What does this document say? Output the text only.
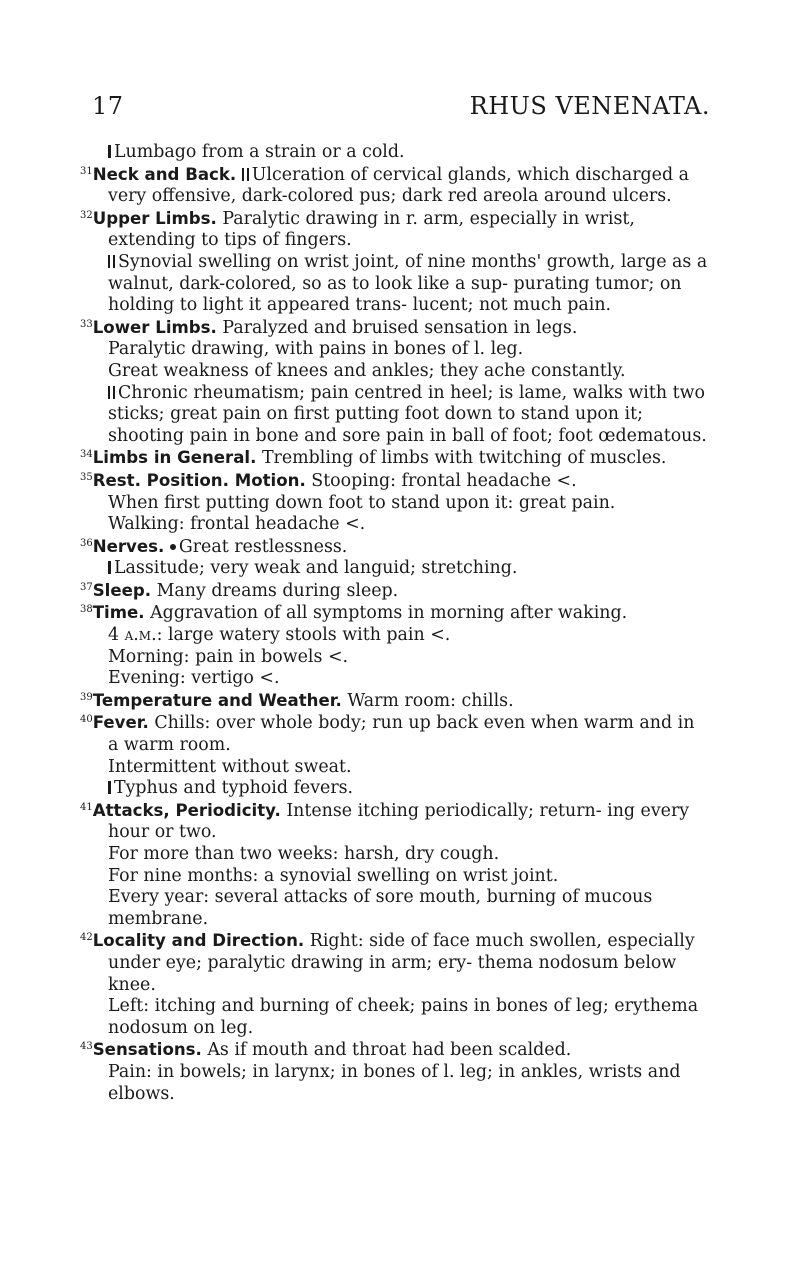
17	RHUS VENENATA.

Lumbago from a strain or a cold.

$^{31}$Neck and Back. Ulceration of cervical glands, which discharged a very offensive, dark-colored pus; dark red areola around ulcers.

$^{32}$Upper Limbs. Paralytic drawing in r. arm, especially in wrist, extending to tips of fingers.

Synovial swelling on wrist joint, of nine months' growth, large as a walnut, dark-colored, so as to look like a sup- purating tumor; on holding to light it appeared trans- lucent; not much pain.

$^{33}$Lower Limbs. Paralyzed and bruised sensation in legs.

Paralytic drawing, with pains in bones of l. leg.

Great weakness of knees and ankles; they ache constantly.

Chronic rheumatism; pain centred in heel; is lame, walks with two sticks; great pain on first putting foot down to stand upon it; shooting pain in bone and sore pain in ball of foot; foot œdematous.

$^{34}$Limbs in General. Trembling of limbs with twitching of muscles.

$^{35}$Rest. Position. Motion. Stooping: frontal headache <.

When first putting down foot to stand upon it: great pain.

Walking: frontal headache <.

$^{36}$Nerves. Great restlessness.

Lassitude; very weak and languid; stretching.

$^{37}$Sleep. Many dreams during sleep.

$^{38}$Time. Aggravation of all symptoms in morning after waking.

4 a.m.: large watery stools with pain <.

Morning: pain in bowels <.

Evening: vertigo <.

$^{39}$Temperature and Weather. Warm room: chills.

$^{40}$Fever. Chills: over whole body; run up back even when warm and in a warm room.

Intermittent without sweat.

Typhus and typhoid fevers.

$^{41}$Attacks, Periodicity. Intense itching periodically; return- ing every hour or two.

For more than two weeks: harsh, dry cough.

For nine months: a synovial swelling on wrist joint.

Every year: several attacks of sore mouth, burning of mucous membrane.

$^{42}$Locality and Direction. Right: side of face much swollen, especially under eye; paralytic drawing in arm; ery- thema nodosum below knee.

Left: itching and burning of cheek; pains in bones of leg; erythema nodosum on leg.

$^{43}$Sensations. As if mouth and throat had been scalded.

Pain: in bowels; in larynx; in bones of l. leg; in ankles, wrists and elbows.
